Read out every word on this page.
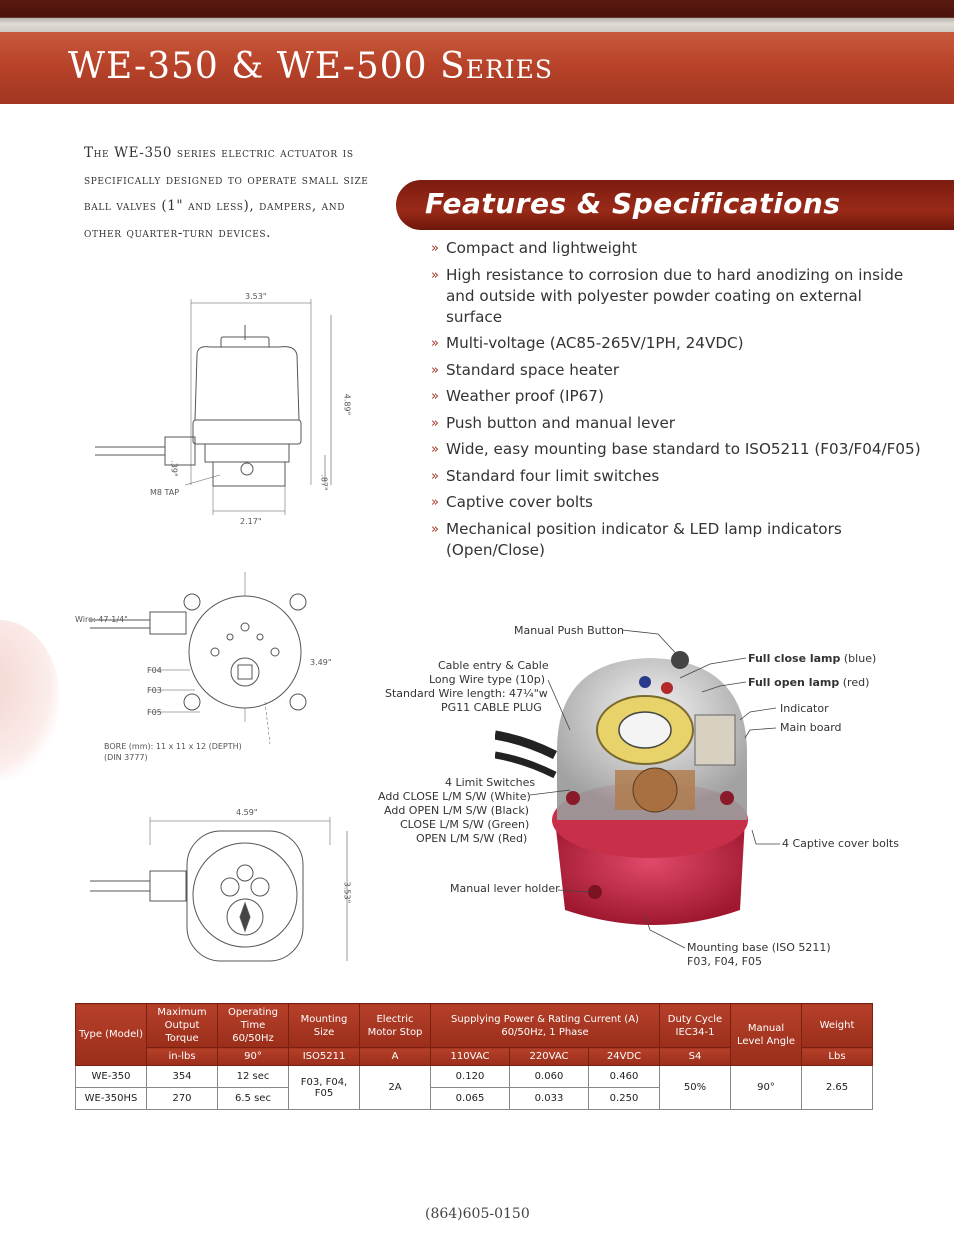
WE-350 & WE-500 Series
The WE-350 series electric actuator is specifically designed to operate small size ball valves (1" and less), dampers, and other quarter-turn devices.
Features & Specifications
» Compact and lightweight
» High resistance to corrosion due to hard anodizing on inside and outside with polyester powder coating on external surface
» Multi-voltage (AC85-265V/1PH, 24VDC)
» Standard space heater
» Weather proof (IP67)
» Push button and manual lever
» Wide, easy mounting base standard to ISO5211 (F03/F04/F05)
» Standard four limit switches
» Captive cover bolts
» Mechanical position indicator & LED lamp indicators (Open/Close)
3.53"
4.89"
.87"
.39"
M8 TAP
2.17"
Wire: 47-1/4"
3.49"
F04
F03
F05
BORE (mm): 11 x 11 x 12 (DEPTH)
(DIN 3777)
4.59"
3.53"
Manual Push Button
Full close lamp (blue)
Full open lamp (red)
Indicator
Main board
Cable entry & Cable
Long Wire type (10p)
Standard Wire length: 47¼"w
PG11 CABLE PLUG
4 Limit Switches
Add CLOSE L/M S/W (White)
Add OPEN L/M S/W (Black)
CLOSE L/M S/W (Green)
OPEN L/M S/W (Red)	4 Captive cover bolts
Manual lever holder
Mounting base (ISO 5211)
F03, F04, F05
Type (Model)	Maximum Output Torque	Operating Time 60/50Hz	Mounting Size	Electric Motor Stop	Supplying Power & Rating Current (A) 60/50Hz, 1 Phase			Duty Cycle IEC34-1	Manual Level Angle	Weight
	in-lbs	90°	ISO5211	A	110VAC	220VAC	24VDC	S4		Lbs
WE-350	354	12 sec	F03, F04, F05	2A	0.120	0.060	0.460	50%	90°	2.65
WE-350HS	270	6.5 sec			0.065	0.033	0.250			
(864)605-0150
